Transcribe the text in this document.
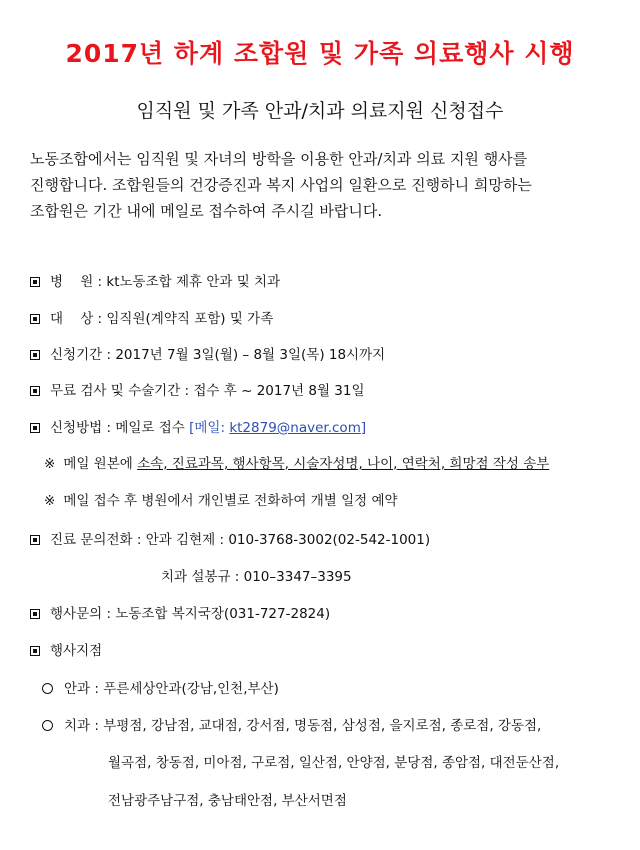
2017년 하계 조합원 및 가족 의료행사 시행
임직원 및 가족 안과/치과 의료지원 신청접수
노동조합에서는 임직원 및 자녀의 방학을 이용한 안과/치과 의료 지원 행사를
진행합니다. 조합원들의 건강증진과 복지 사업의 일환으로 진행하니 희망하는
조합원은 기간 내에 메일로 접수하여 주시길 바랍니다.
병    원 : kt노동조합 제휴 안과 및 치과
대    상 : 임직원(계약직 포함) 및 가족
신청기간 : 2017년 7월 3일(월) – 8월 3일(목) 18시까지
무료 검사 및 수술기간 : 접수 후 ~ 2017년 8월 31일
신청방법 : 메일로 접수 [메일: kt2879@naver.com]
※ 메일 원본에 소속, 진료과목, 행사항목, 시술자성명, 나이, 연락처, 희망점 작성 송부
※ 메일 접수 후 병원에서 개인별로 전화하여 개별 일정 예약
진료 문의전화 : 안과 김현제 : 010-3768-3002(02-542-1001)
치과 설봉규 : 010–3347–3395
행사문의 : 노동조합 복지국장(031-727-2824)
행사지점
안과 : 푸른세상안과(강남,인천,부산)
치과 : 부평점, 강남점, 교대점, 강서점, 명동점, 삼성점, 을지로점, 종로점, 강동점,
월곡점, 창동점, 미아점, 구로점, 일산점, 안양점, 분당점, 종암점, 대전둔산점,
전남광주남구점, 충남태안점, 부산서면점
